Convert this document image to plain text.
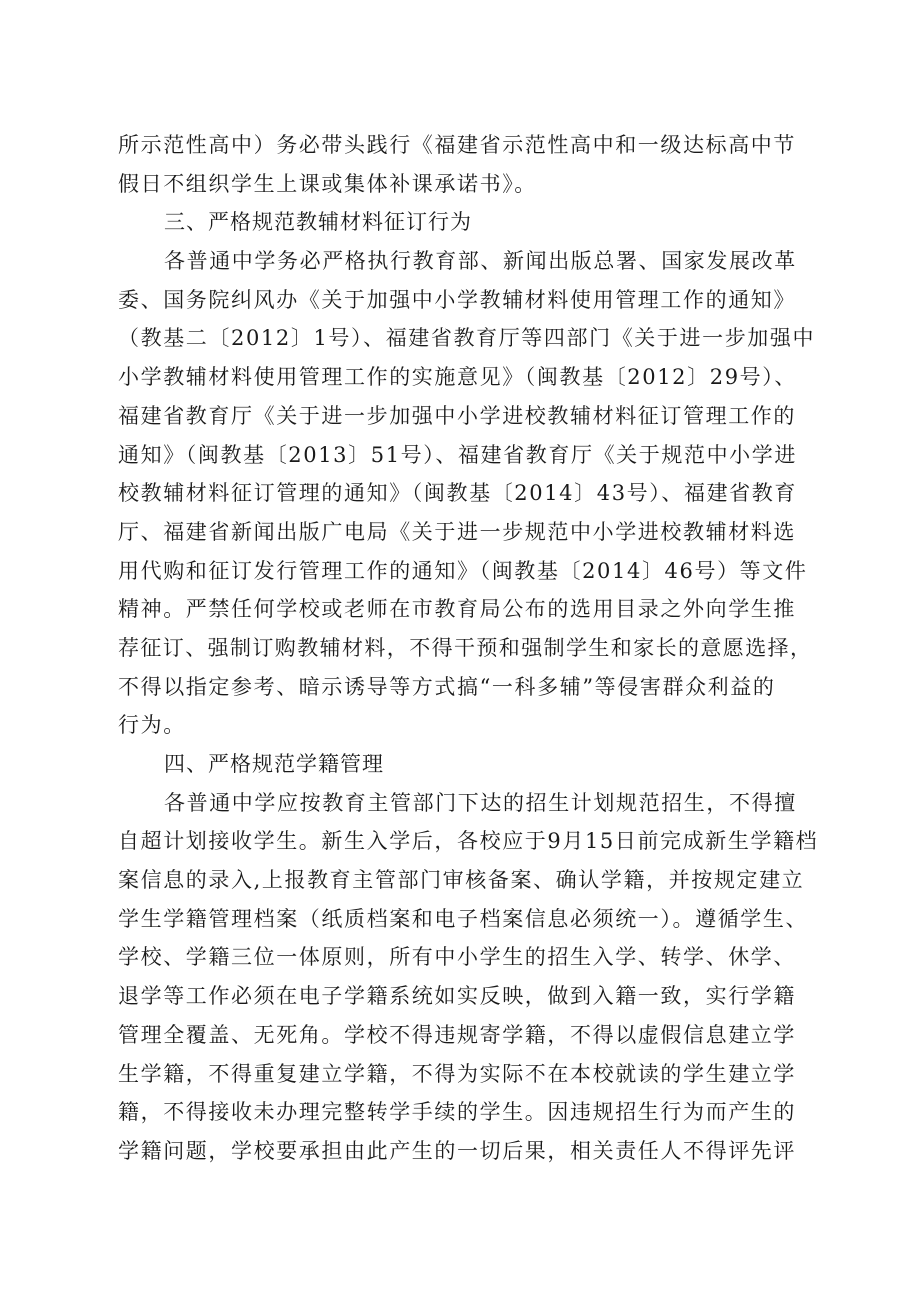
所示范性高中）务必带头践行《福建省示范性高中和一级达标高中节
假日不组织学生上课或集体补课承诺书》。
三、严格规范教辅材料征订行为
各普通中学务必严格执行教育部、新闻出版总署、国家发展改革
委、国务院纠风办《关于加强中小学教辅材料使用管理工作的通知》
（教基二〔2012〕1号）、福建省教育厅等四部门《关于进一步加强中
小学教辅材料使用管理工作的实施意见》（闽教基〔2012〕29号）、
福建省教育厅《关于进一步加强中小学进校教辅材料征订管理工作的
通知》（闽教基〔2013〕51号）、福建省教育厅《关于规范中小学进
校教辅材料征订管理的通知》（闽教基〔2014〕43号）、福建省教育
厅、福建省新闻出版广电局《关于进一步规范中小学进校教辅材料选
用代购和征订发行管理工作的通知》（闽教基〔2014〕46号）等文件
精神。严禁任何学校或老师在市教育局公布的选用目录之外向学生推
荐征订、强制订购教辅材料，不得干预和强制学生和家长的意愿选择，
不得以指定参考、暗示诱导等方式搞“一科多辅”等侵害群众利益的
行为。
四、严格规范学籍管理
各普通中学应按教育主管部门下达的招生计划规范招生，不得擅
自超计划接收学生。新生入学后，各校应于9月15日前完成新生学籍档
案信息的录入,上报教育主管部门审核备案、确认学籍，并按规定建立
学生学籍管理档案（纸质档案和电子档案信息必须统一）。遵循学生、
学校、学籍三位一体原则，所有中小学生的招生入学、转学、休学、
退学等工作必须在电子学籍系统如实反映，做到入籍一致，实行学籍
管理全覆盖、无死角。学校不得违规寄学籍，不得以虚假信息建立学
生学籍，不得重复建立学籍，不得为实际不在本校就读的学生建立学
籍，不得接收未办理完整转学手续的学生。因违规招生行为而产生的
学籍问题，学校要承担由此产生的一切后果，相关责任人不得评先评
